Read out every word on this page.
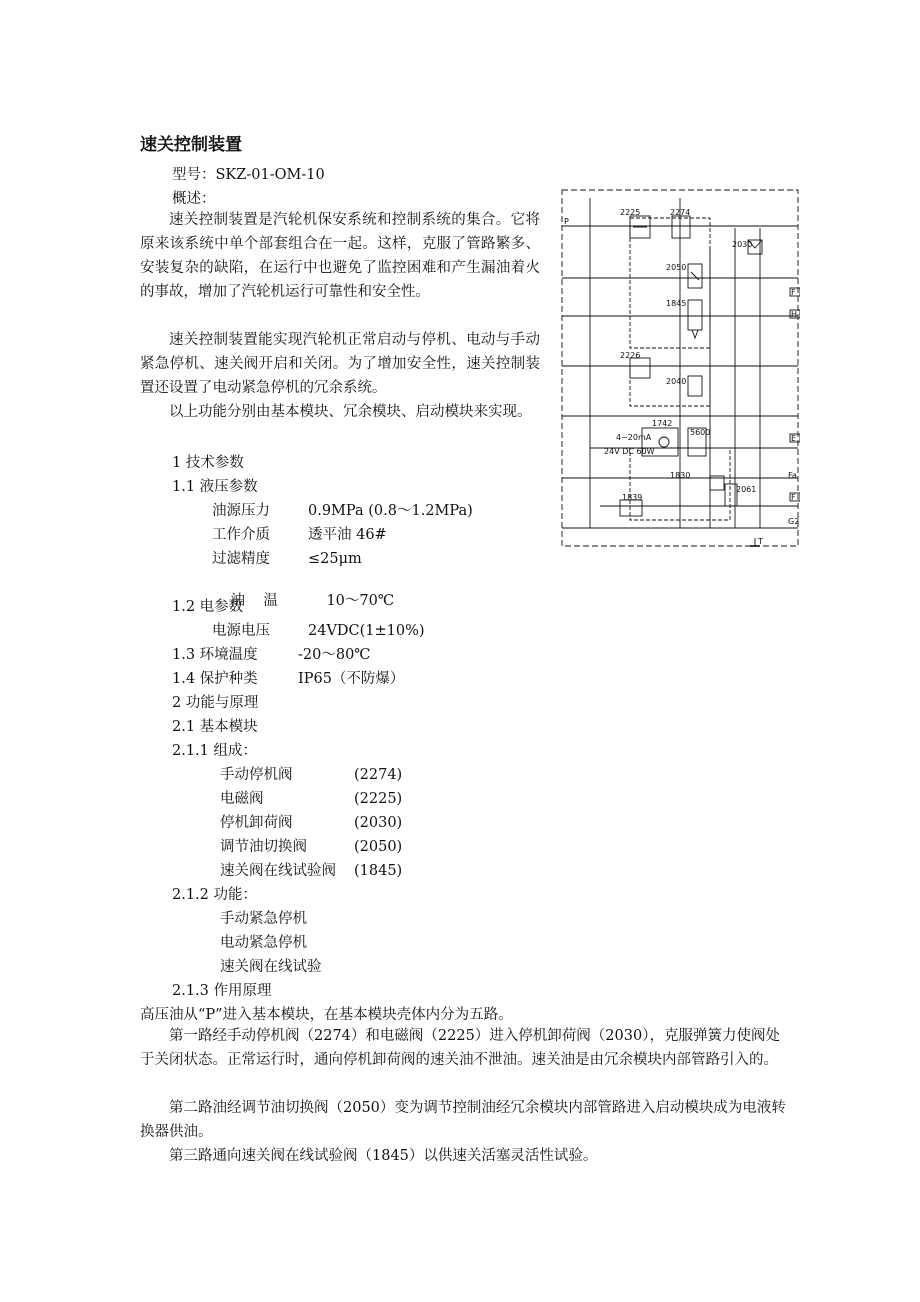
速关控制装置
型号：SKZ-01-OM-10
概述：
速关控制装置是汽轮机保安系统和控制系统的集合。它将原来该系统中单个部套组合在一起。这样，克服了管路繁多、安装复杂的缺陷，在运行中也避免了监控困难和产生漏油着火的事故，增加了汽轮机运行可靠性和安全性。
速关控制装置能实现汽轮机正常启动与停机、电动与手动紧急停机、速关阀开启和关闭。为了增加安全性，速关控制装置还设置了电动紧急停机的冗余系统。
以上功能分别由基本模块、冗余模块、启动模块来实现。
1 技术参数
1.1 液压参数
油源压力	0.9MPa (0.8～1.2MPa)
工作介质	透平油 46#
过滤精度	≤25μm

油    温	10～70℃

1.2 电参数
电源电压	24VDC(1±10%)
1.3 环境温度	-20～80℃
1.4 保护种类	IP65（不防爆）
2 功能与原理
2.1 基本模块
2.1.1 组成：
手动停机阀	(2274)
电磁阀	(2225)
停机卸荷阀	(2030)
调节油切换阀	(2050)
速关阀在线试验阀 (1845)
2.1.2 功能：
手动紧急停机
电动紧急停机
速关阀在线试验
2.1.3 作用原理
高压油从“P”进入基本模块，在基本模块壳体内分为五路。
第一路经手动停机阀（2274）和电磁阀（2225）进入停机卸荷阀（2030），克服弹簧力使阀处于关闭状态。正常运行时，通向停机卸荷阀的速关油不泄油。速关油是由冗余模块内部管路引入的。
第二路油经调节油切换阀（2050）变为调节控制油经冗余模块内部管路进入启动模块成为电液转换器供油。
第三路通向速关阀在线试验阀（1845）以供速关活塞灵活性试验。
P
2225	2274
2030
2050
1845
2226
2040
1742
5600
4~20mA
24V DC 60W
1830
1839
2061
F
H
E
F
Fa
G2
T
